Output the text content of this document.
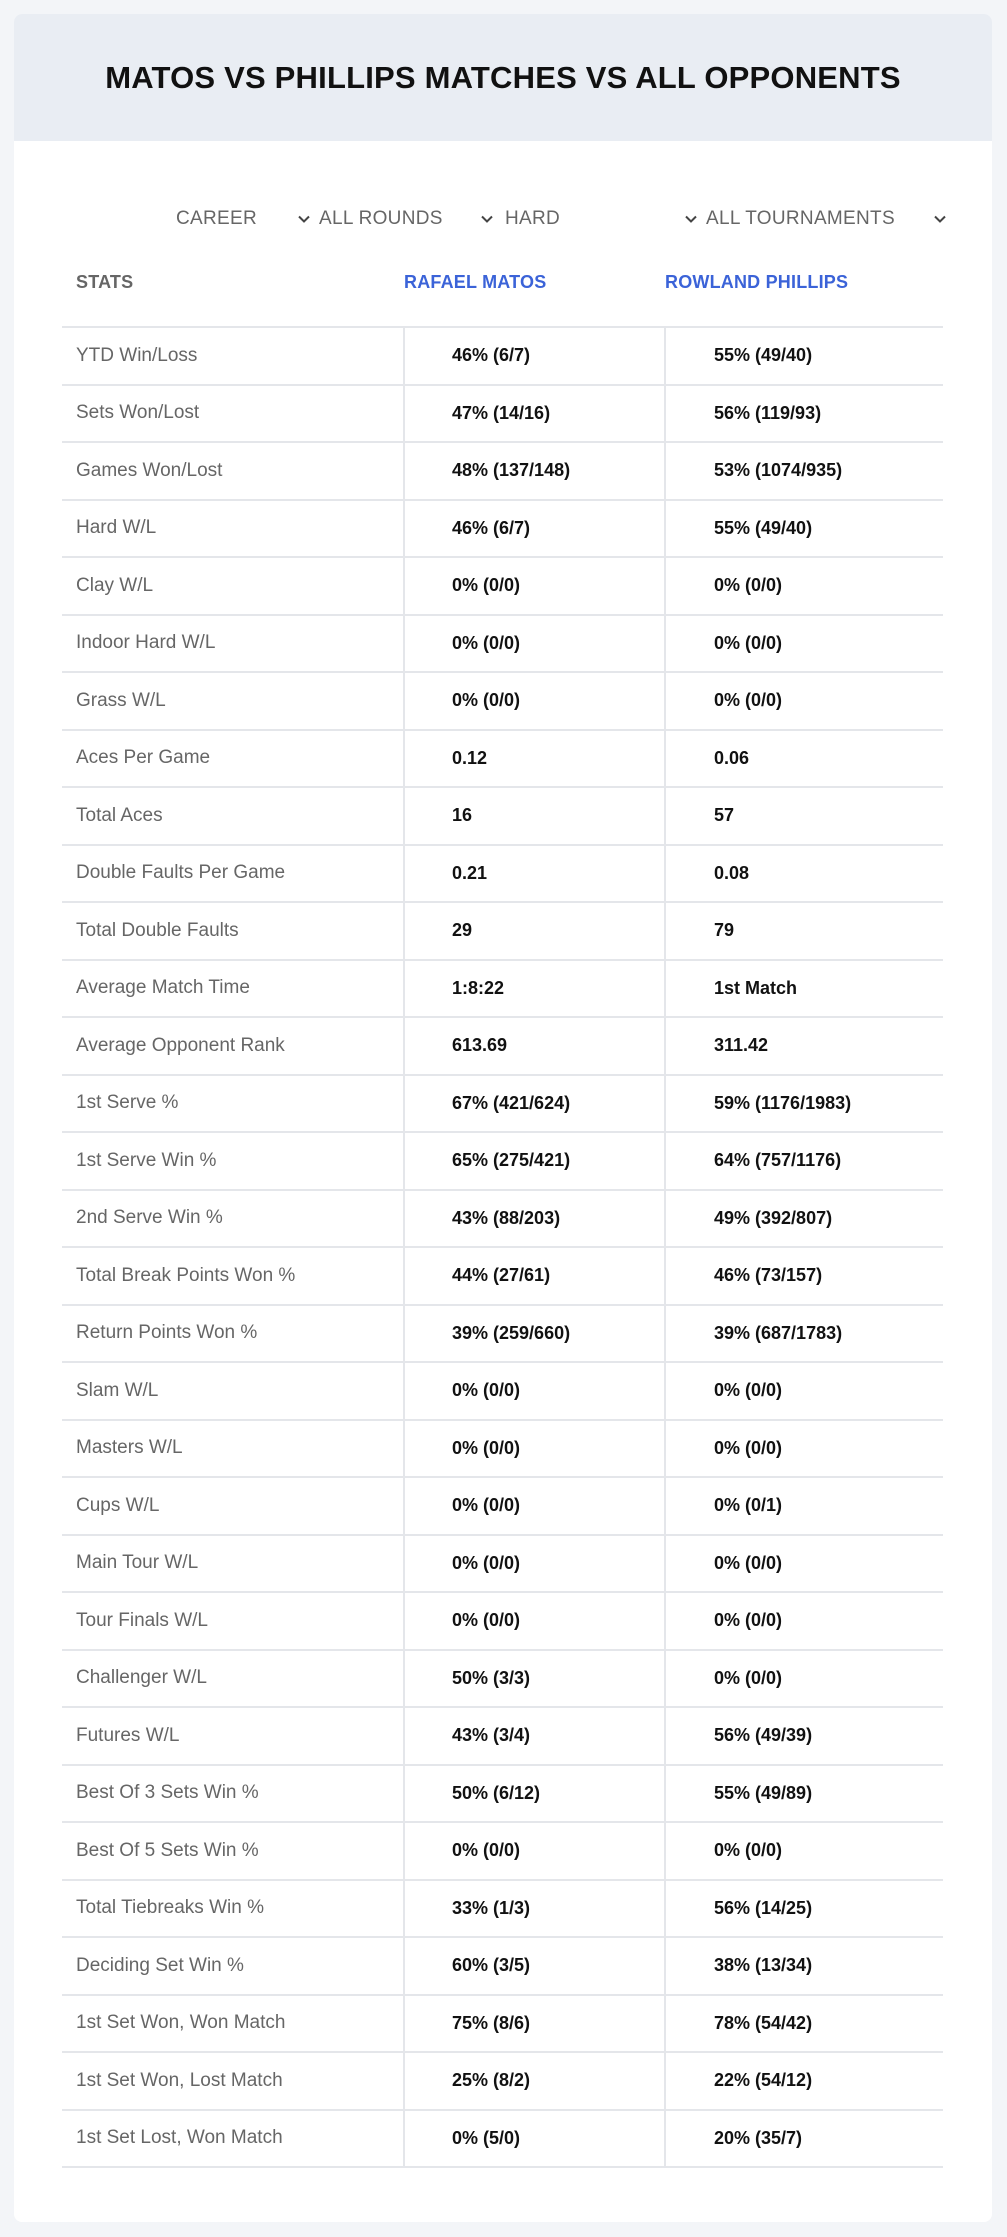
MATOS VS PHILLIPS MATCHES VS ALL OPPONENTS
CAREER	ALL ROUNDS	HARD	ALL TOURNAMENTS
STATS	RAFAEL MATOS	ROWLAND PHILLIPS
YTD Win/Loss	46% (6/7)	55% (49/40)
Sets Won/Lost	47% (14/16)	56% (119/93)
Games Won/Lost	48% (137/148)	53% (1074/935)
Hard W/L	46% (6/7)	55% (49/40)
Clay W/L	0% (0/0)	0% (0/0)
Indoor Hard W/L	0% (0/0)	0% (0/0)
Grass W/L	0% (0/0)	0% (0/0)
Aces Per Game	0.12	0.06
Total Aces	16	57
Double Faults Per Game	0.21	0.08
Total Double Faults	29	79
Average Match Time	1:8:22	1st Match
Average Opponent Rank	613.69	311.42
1st Serve %	67% (421/624)	59% (1176/1983)
1st Serve Win %	65% (275/421)	64% (757/1176)
2nd Serve Win %	43% (88/203)	49% (392/807)
Total Break Points Won %	44% (27/61)	46% (73/157)
Return Points Won %	39% (259/660)	39% (687/1783)
Slam W/L	0% (0/0)	0% (0/0)
Masters W/L	0% (0/0)	0% (0/0)
Cups W/L	0% (0/0)	0% (0/1)
Main Tour W/L	0% (0/0)	0% (0/0)
Tour Finals W/L	0% (0/0)	0% (0/0)
Challenger W/L	50% (3/3)	0% (0/0)
Futures W/L	43% (3/4)	56% (49/39)
Best Of 3 Sets Win %	50% (6/12)	55% (49/89)
Best Of 5 Sets Win %	0% (0/0)	0% (0/0)
Total Tiebreaks Win %	33% (1/3)	56% (14/25)
Deciding Set Win %	60% (3/5)	38% (13/34)
1st Set Won, Won Match	75% (8/6)	78% (54/42)
1st Set Won, Lost Match	25% (8/2)	22% (54/12)
1st Set Lost, Won Match	0% (5/0)	20% (35/7)
